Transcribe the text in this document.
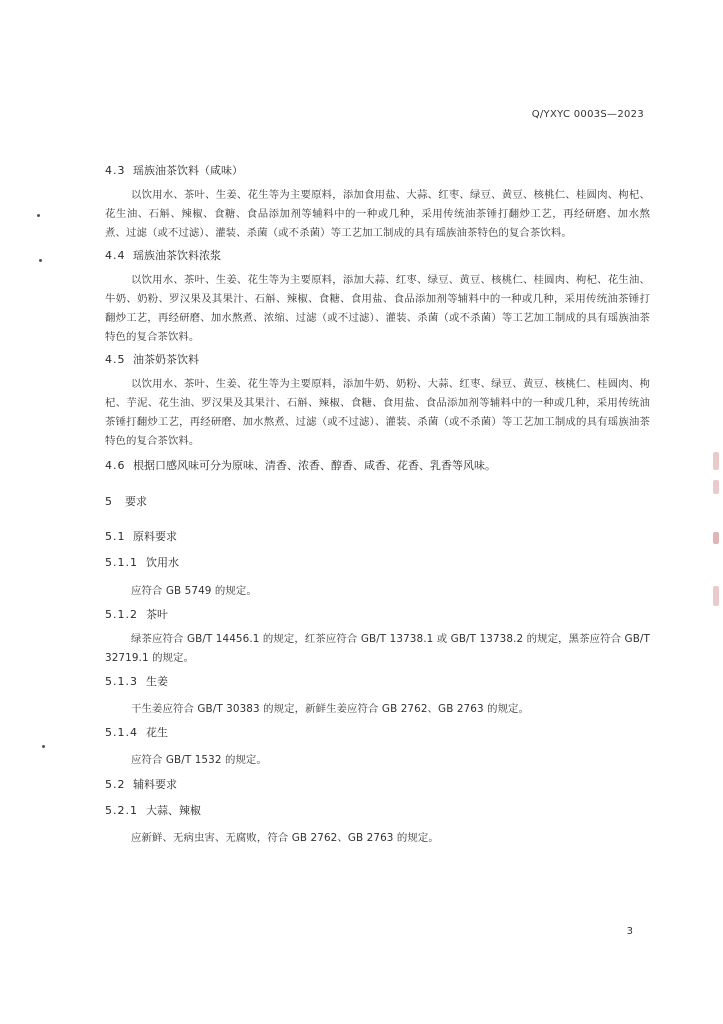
Q/YXYC 0003S—2023
4.3 瑶族油茶饮料（咸味）

以饮用水、茶叶、生姜、花生等为主要原料，添加食用盐、大蒜、红枣、绿豆、黄豆、核桃仁、桂圆肉、枸杞、花生油、石斛、辣椒、食糖、食品添加剂等辅料中的一种或几种，采用传统油茶锤打翻炒工艺，再经研磨、加水熬煮、过滤（或不过滤）、灌装、杀菌（或不杀菌）等工艺加工制成的具有瑶族油茶特色的复合茶饮料。

4.4 瑶族油茶饮料浓浆

以饮用水、茶叶、生姜、花生等为主要原料，添加大蒜、红枣、绿豆、黄豆、核桃仁、桂圆肉、枸杞、花生油、牛奶、奶粉、罗汉果及其果汁、石斛、辣椒、食糖、食用盐、食品添加剂等辅料中的一种或几种，采用传统油茶锤打翻炒工艺，再经研磨、加水熬煮、浓缩、过滤（或不过滤）、灌装、杀菌（或不杀菌）等工艺加工制成的具有瑶族油茶特色的复合茶饮料。

4.5 油茶奶茶饮料

以饮用水、茶叶、生姜、花生等为主要原料，添加牛奶、奶粉、大蒜、红枣、绿豆、黄豆、核桃仁、桂圆肉、枸杞、芋泥、花生油、罗汉果及其果汁、石斛、辣椒、食糖、食用盐、食品添加剂等辅料中的一种或几种，采用传统油茶锤打翻炒工艺，再经研磨、加水熬煮、过滤（或不过滤）、灌装、杀菌（或不杀菌）等工艺加工制成的具有瑶族油茶特色的复合茶饮料。

4.6 根据口感风味可分为原味、清香、浓香、醇香、咸香、花香、乳香等风味。
5 要求
5.1 原料要求
5.1.1 饮用水

应符合 GB 5749 的规定。

5.1.2 茶叶

绿茶应符合 GB/T 14456.1 的规定，红茶应符合 GB/T 13738.1 或 GB/T 13738.2 的规定，黑茶应符合 GB/T 32719.1 的规定。

5.1.3 生姜

干生姜应符合 GB/T 30383 的规定，新鲜生姜应符合 GB 2762、GB 2763 的规定。

5.1.4 花生

应符合 GB/T 1532 的规定。

5.2 辅料要求
5.2.1 大蒜、辣椒

应新鲜、无病虫害、无腐败，符合 GB 2762、GB 2763 的规定。

3
